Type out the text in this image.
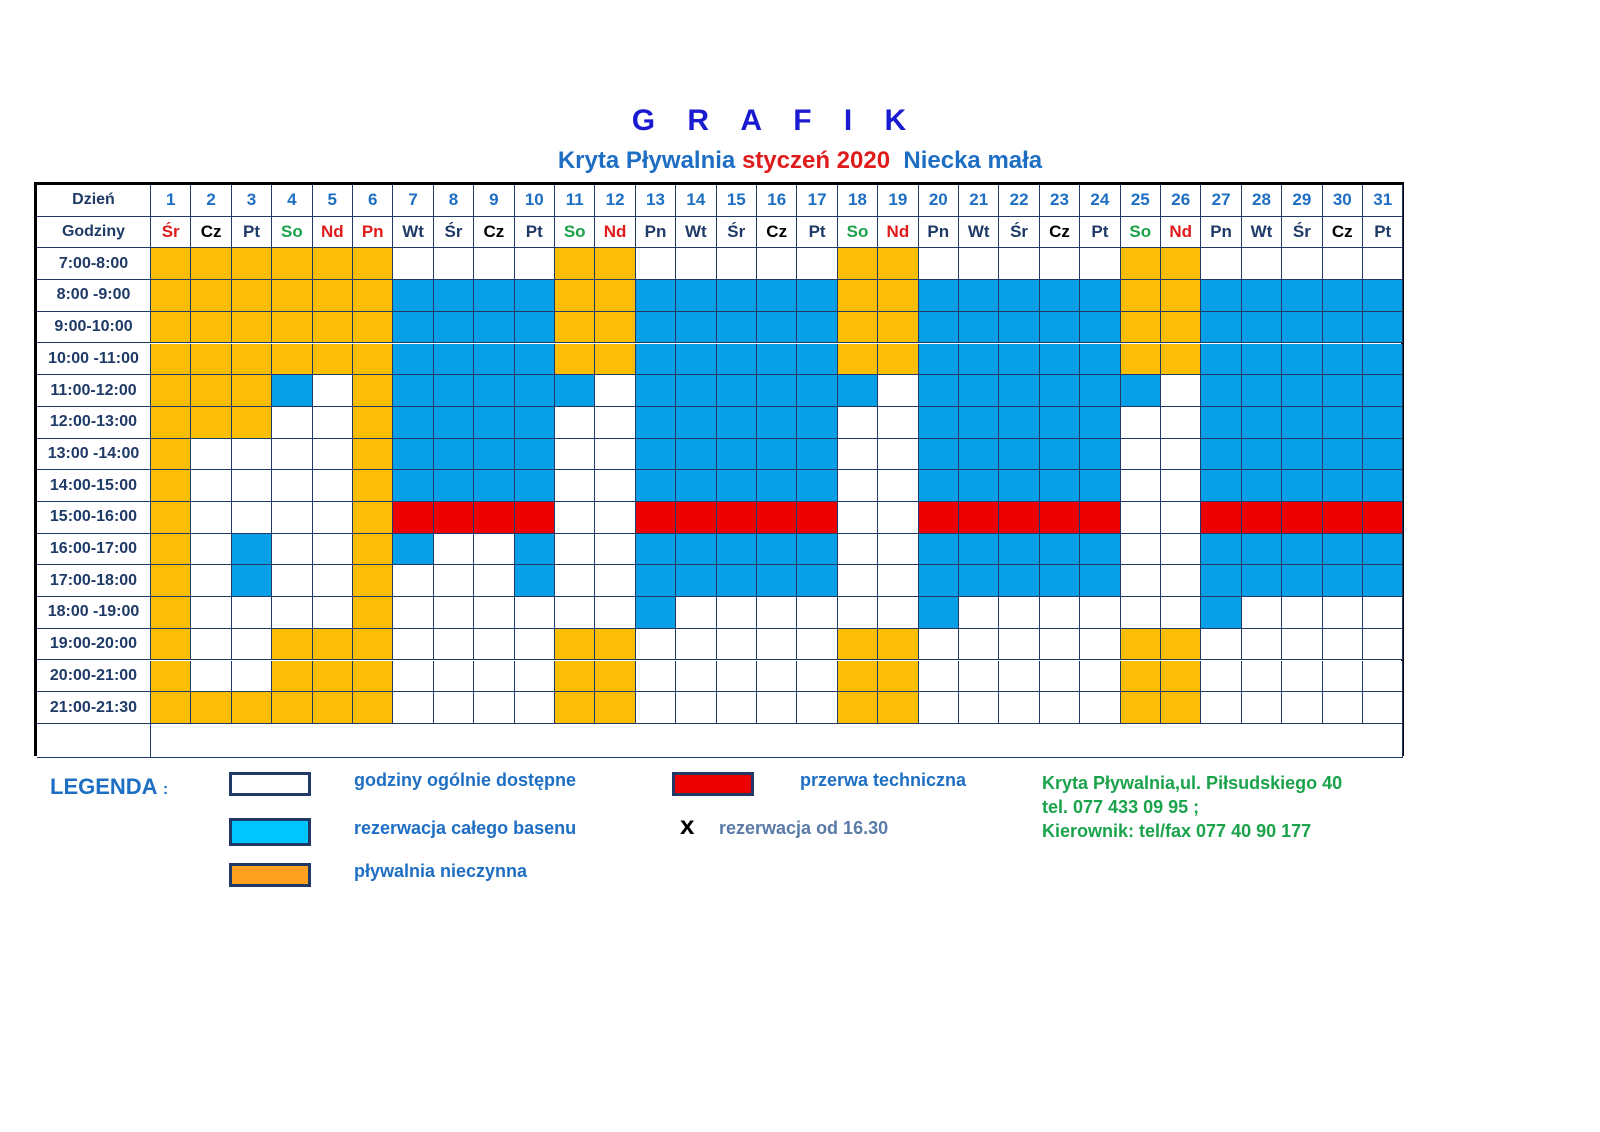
G R A F I K
Kryta Pływalnia styczeń 2020 Niecka mała
Dzień
Godziny
1
Śr
2
Cz
3
Pt
4
So
5
Nd
6
Pn
7
Wt
8
Śr
9
Cz
10
Pt
11
So
12
Nd
13
Pn
14
Wt
15
Śr
16
Cz
17
Pt
18
So
19
Nd
20
Pn
21
Wt
22
Śr
23
Cz
24
Pt
25
So
26
Nd
27
Pn
28
Wt
29
Śr
30
Cz
31
Pt
7:00-8:00
8:00 -9:00
9:00-10:00
10:00 -11:00
11:00-12:00
12:00-13:00
13:00 -14:00
14:00-15:00
15:00-16:00
16:00-17:00
17:00-18:00
18:00 -19:00
19:00-20:00
20:00-21:00
21:00-21:30
LEGENDA :	godziny ogólnie dostępne
rezerwacja całego basenu
pływalnia nieczynna
przerwa techniczna
x rezerwacja od 16.30
Kryta Pływalnia,ul. Piłsudskiego 40
tel. 077 433 09 95 ;
Kierownik: tel/fax 077 40 90 177
